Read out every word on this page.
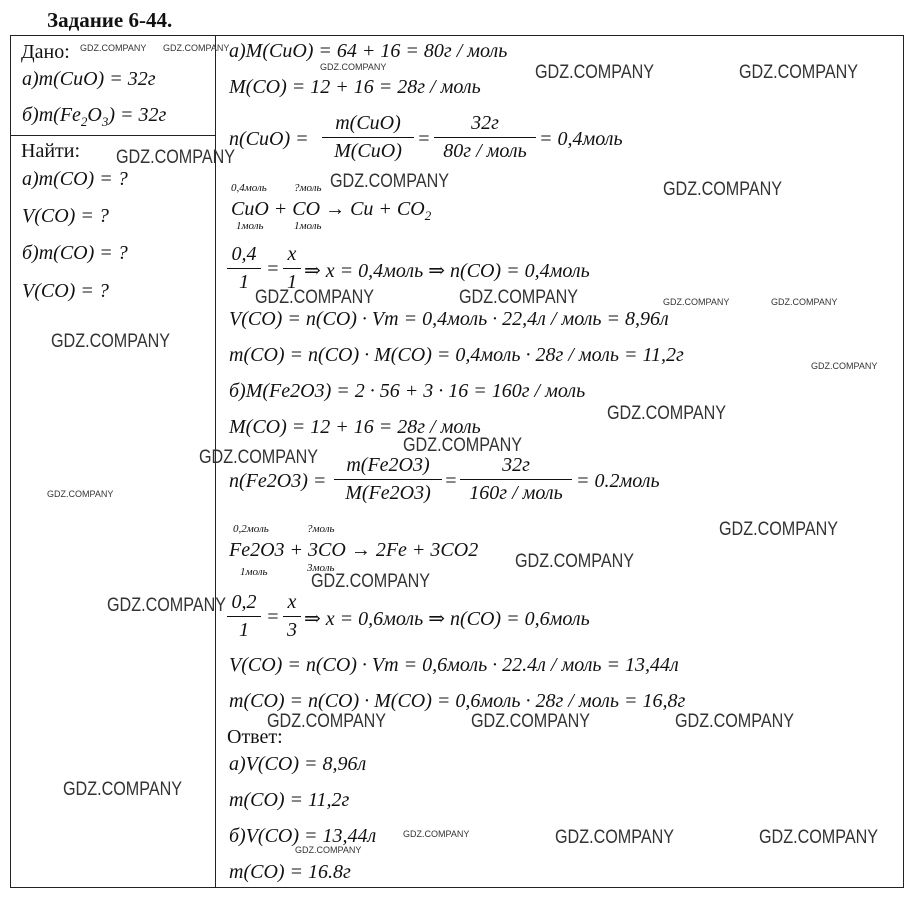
Задание 6-44.
Дано:
а)m(CuO) = 32г
$б)m(Fe_2O_3) = 32г$
Найти:
а)m(CO) = ?
V(CO) = ?
б)m(CO) = ?
V(CO) = ?
а)M(CuO) = 64 + 16 = 80г / моль
M(CO) = 12 + 16 = 28г / моль
n(CuO) =
m(CuO)
M(CuO)
=
32г
80г / моль
= 0,4моль
0,4моль ?моль
CuO + CO → $Cu + CO_2$
1моль	1моль
0,4
1
=
x
1 ⇒ x = 0,4моль ⇒ n(CO) = 0,4моль
V(CO) = n(CO) · Vm = 0,4моль · 22,4л / моль = 8,96л
m(CO) = n(CO) · M(CO) = 0,4моль · 28г / моль = 11,2г
б)M(Fe2O3) = 2 · 56 + 3 · 16 = 160г / моль
M(CO) = 12 + 16 = 28г / моль
n(Fe2O3) =
m(Fe2O3)
M(Fe2O3)
=
32г
160г / моль
= 0.2моль
0,2моль	?моль
Fe2O3 + 3CO → 2Fe + 3CO2
1моль	3моль
0,2
1
=
x
3 ⇒ x = 0,6моль ⇒ n(CO) = 0,6моль
V(CO) = n(CO) · Vm = 0,6моль · 22.4л / моль = 13,44л
m(CO) = n(CO) · M(CO) = 0,6моль · 28г / моль = 16,8г
Ответ:
а)V(CO) = 8,96л
m(CO) = 11,2г
б)V(CO) = 13,44л
m(CO) = 16.8г
GDZ.COMPANY	GDZ.COMPANY
GDZ.COMPANY
GDZ.COMPANY	GDZ.COMPANY
GDZ.COMPANY	GDZ.COMPANY
GDZ.COMPANY
GDZ.COMPANY
GDZ.COMPANY
GDZ.COMPANY
GDZ.COMPANY
GDZ.COMPANY
GDZ.COMPANY
GDZ.COMPANY
GDZ.COMPANY	GDZ.COMPANY	GDZ.COMPANY
GDZ.COMPANY
GDZ.COMPANY	GDZ.COMPANY
GDZ.COMPANY GDZ.COMPANY
GDZ.COMPANY
GDZ.COMPANY	GDZ.COMPANY
GDZ.COMPANY
GDZ.COMPANY
GDZ.COMPANY
GDZ.COMPANY
